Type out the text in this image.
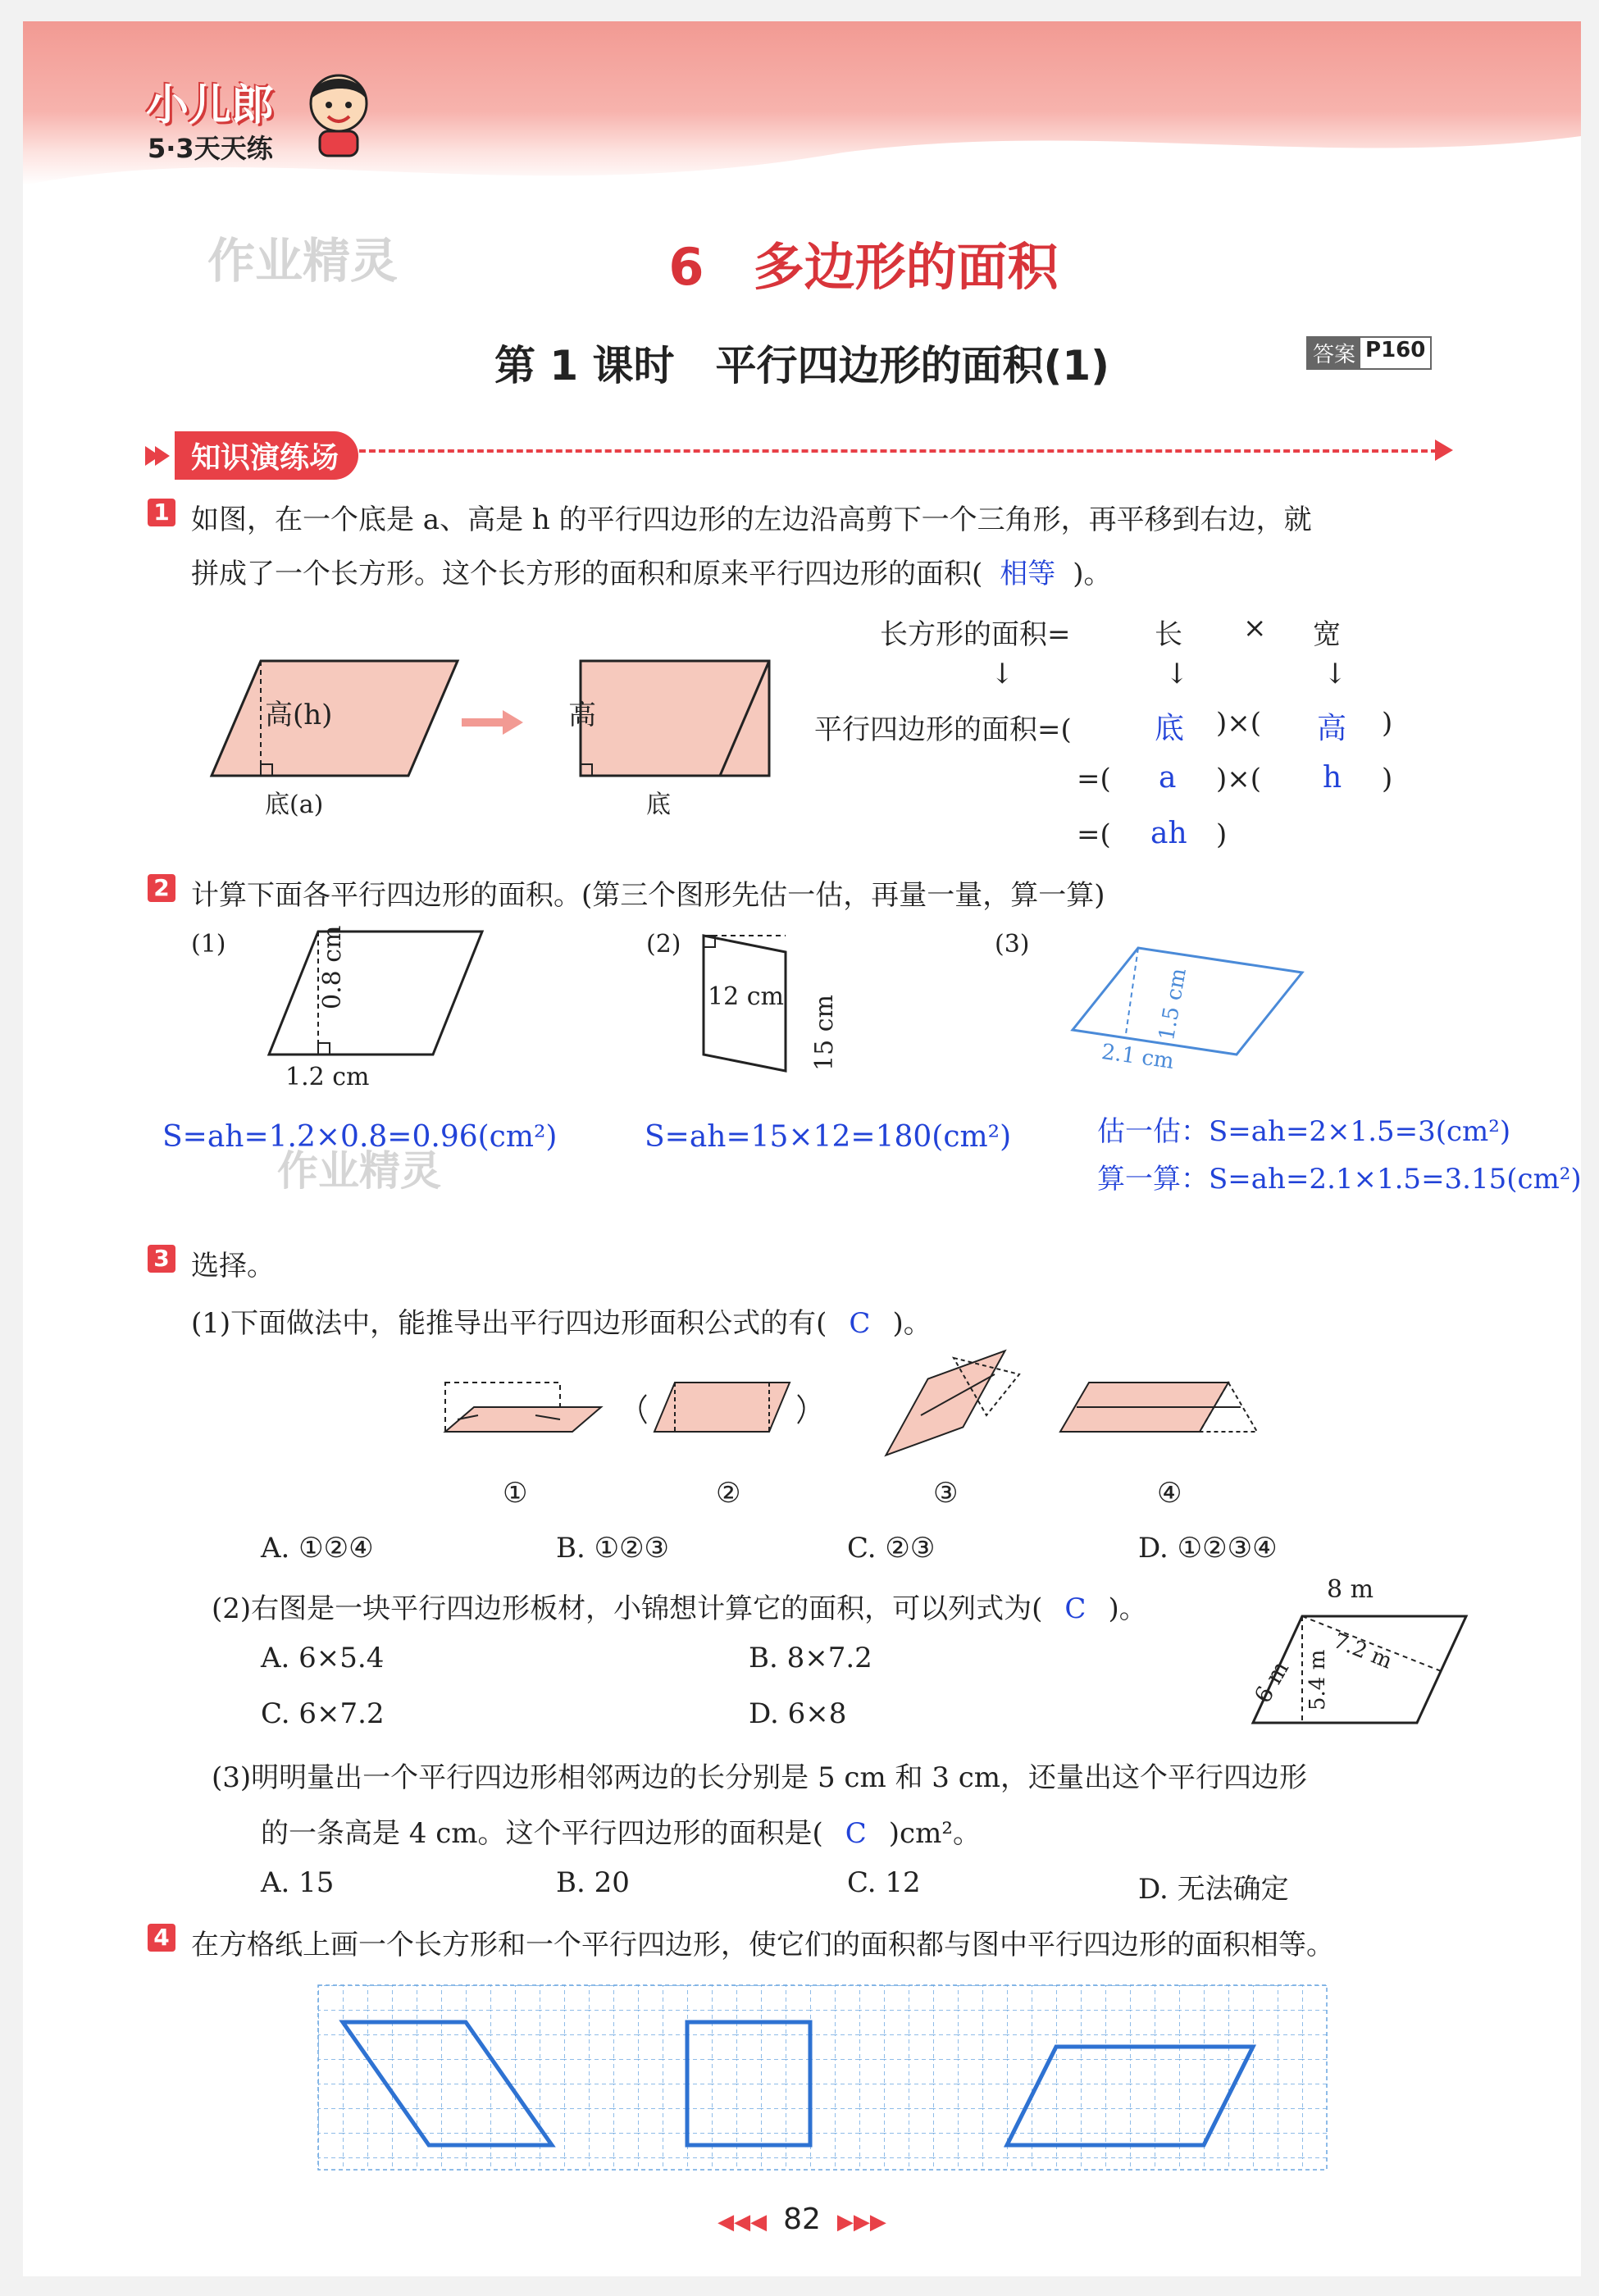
小儿郎
5·3天天练
作业精灵	6 多边形的面积
第 1 课时　平行四边形的面积(1)	答案 P160
知识演练场
1 如图，在一个底是 a、高是 h 的平行四边形的左边沿高剪下一个三角形，再平移到右边，就
拼成了一个长方形。这个长方形的面积和原来平行四边形的面积( 相等 )。
高(h)
底(a)
高
底
长方形的面积=	长 × 宽
↓	↓	↓
平行四边形的面积=(	底 )×( 高 )
=( a )×( h )
=( ah )
2 计算下面各平行四边形的面积。(第三个图形先估一估，再量一量，算一算)
(1)	0.8 cm
1.2 cm
(2)
12 cm 15 cm
(3)
1.5 cm
2.1 cm
S=ah=1.2×0.8=0.96(cm²)
作业精灵
S=ah=15×12=180(cm²)	估一估：S=ah=2×1.5=3(cm²)
算一算：S=ah=2.1×1.5=3.15(cm²)
3 选择。
(1)下面做法中，能推导出平行四边形面积公式的有( C )。
①	②	③	④
A. ①②④	B. ①②③	C. ②③	D. ①②③④
(2)右图是一块平行四边形板材，小锦想计算它的面积，可以列式为( C )。
A. 6×5.4	B. 8×7.2
C. 6×7.2	D. 6×8
8 m
6 m 5.4 m 7.2 m
(3)明明量出一个平行四边形相邻两边的长分别是 5 cm 和 3 cm，还量出这个平行四边形
的一条高是 4 cm。这个平行四边形的面积是( C )cm²。
A. 15	B. 20	C. 12	D. 无法确定
4 在方格纸上画一个长方形和一个平行四边形，使它们的面积都与图中平行四边形的面积相等。
◀◀◀ 82 ▶▶▶
